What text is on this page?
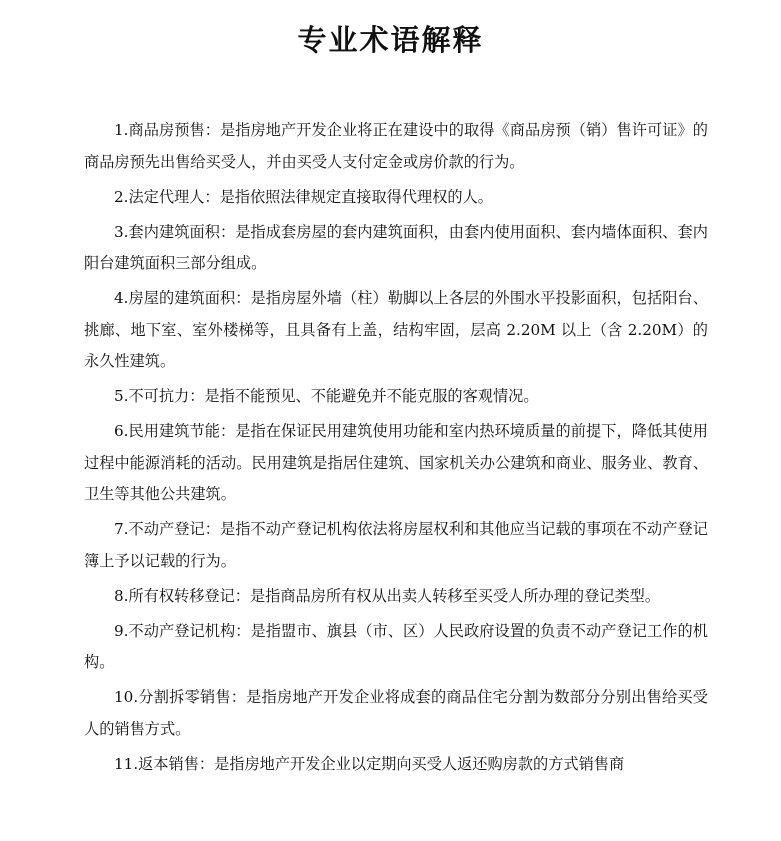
专业术语解释

1.商品房预售：是指房地产开发企业将正在建设中的取得《商品房预（销）售许可证》的商品房预先出售给买受人，并由买受人支付定金或房价款的行为。

2.法定代理人：是指依照法律规定直接取得代理权的人。

3.套内建筑面积：是指成套房屋的套内建筑面积，由套内使用面积、套内墙体面积、套内阳台建筑面积三部分组成。

4.房屋的建筑面积：是指房屋外墙（柱）勒脚以上各层的外围水平投影面积，包括阳台、挑廊、地下室、室外楼梯等，且具备有上盖，结构牢固，层高 2.20M 以上（含 2.20M）的永久性建筑。

5.不可抗力：是指不能预见、不能避免并不能克服的客观情况。

6.民用建筑节能：是指在保证民用建筑使用功能和室内热环境质量的前提下，降低其使用过程中能源消耗的活动。民用建筑是指居住建筑、国家机关办公建筑和商业、服务业、教育、卫生等其他公共建筑。

7.不动产登记：是指不动产登记机构依法将房屋权利和其他应当记载的事项在不动产登记簿上予以记载的行为。

8.所有权转移登记：是指商品房所有权从出卖人转移至买受人所办理的登记类型。

9.不动产登记机构：是指盟市、旗县（市、区）人民政府设置的负责不动产登记工作的机构。

10.分割拆零销售：是指房地产开发企业将成套的商品住宅分割为数部分分别出售给买受人的销售方式。

11.返本销售：是指房地产开发企业以定期向买受人返还购房款的方式销售商
